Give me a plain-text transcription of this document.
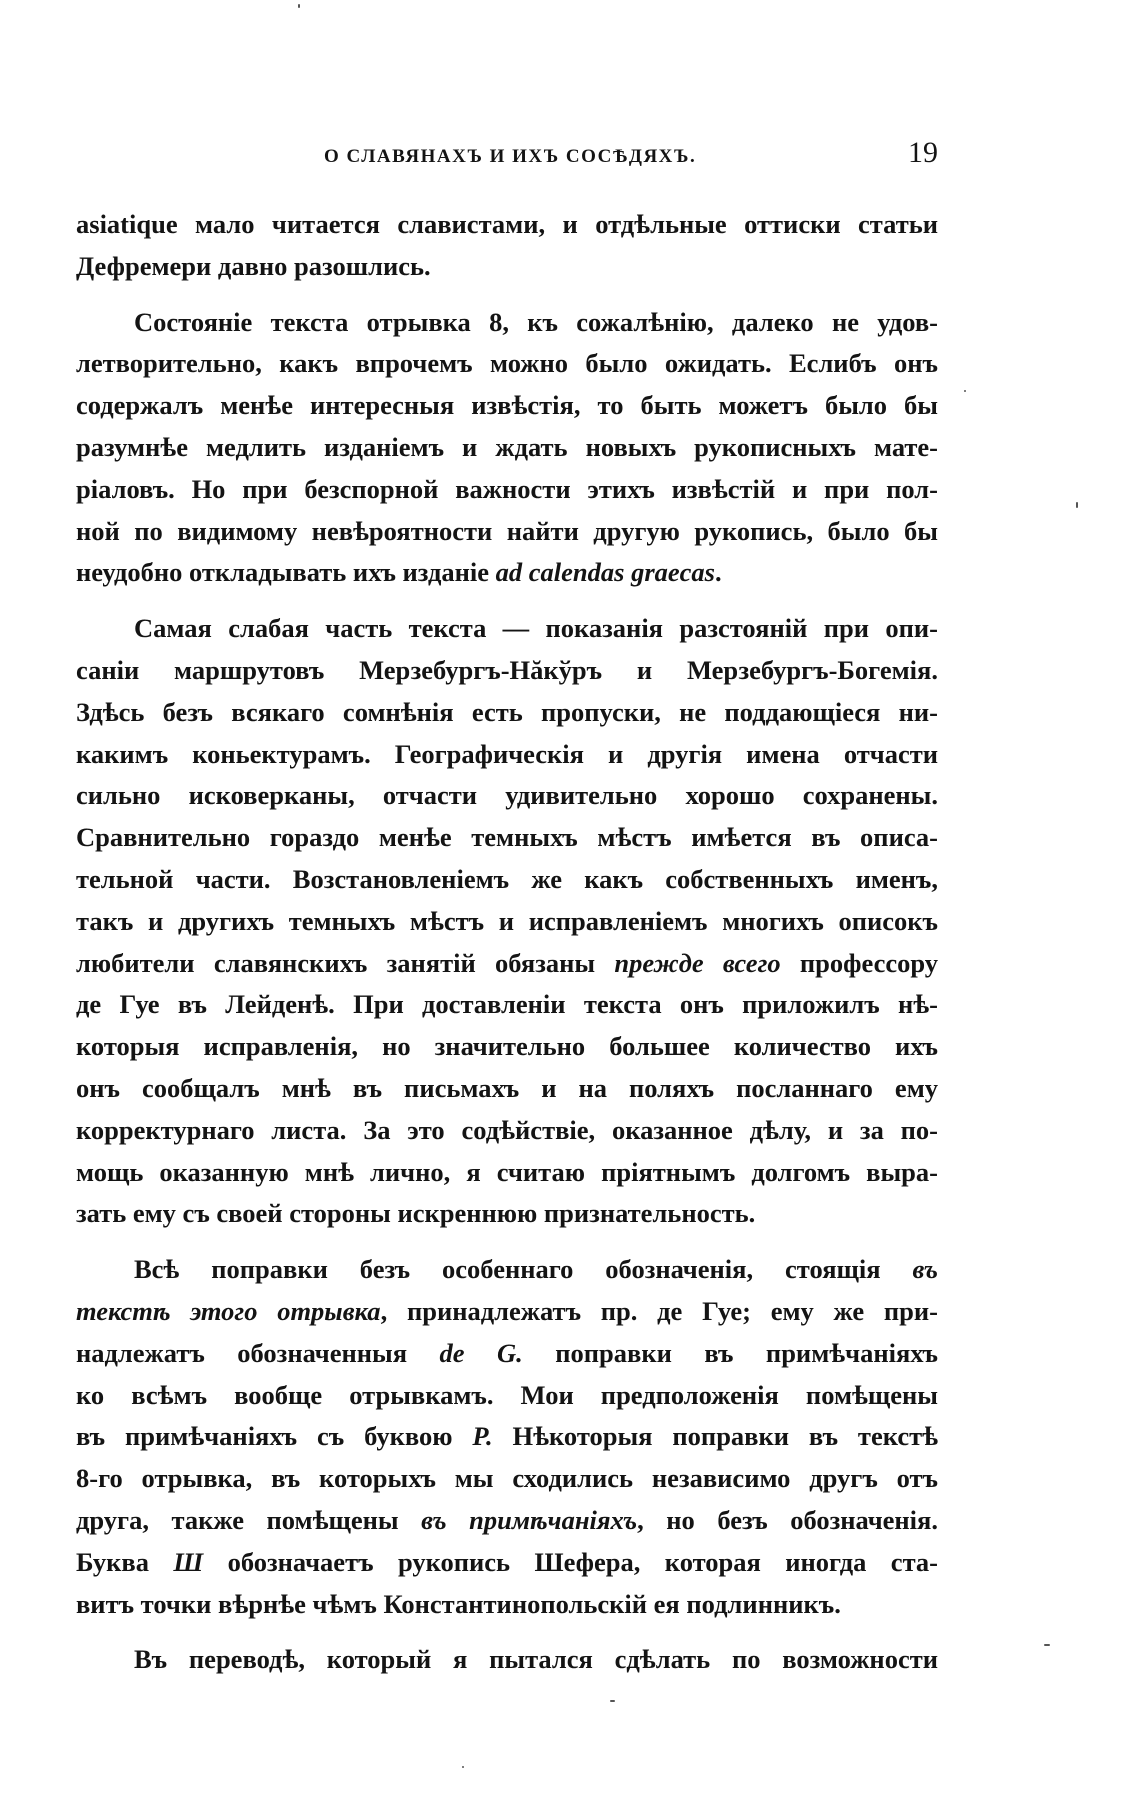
О СЛАВЯНАХЪ И ИХЪ СОСѢДЯХЪ.	19

asiatique мало читается славистами, и отдѣльные оттиски статьи

Дефремери давно разошлись.

Состояніе текста отрывка 8, къ сожалѣнію, далеко не удов-

летворительно, какъ впрочемъ можно было ожидать. Еслибъ онъ

содержалъ менѣе интересныя извѣстія, то быть можетъ было бы

разумнѣе медлить изданіемъ и ждать новыхъ рукописныхъ мате-

ріаловъ. Но при безспорной важности этихъ извѣстій и при пол-

ной по видимому невѣроятности найти другую рукопись, было бы

неудобно откладывать ихъ изданіе ad calendas graecas.

Самая слабая часть текста — показанія разстояній при опи-

саніи маршрутовъ Мерзебургъ-Нăкўръ и Мерзебургъ-Богемія.

Здѣсь безъ всякаго сомнѣнія есть пропуски, не поддающіеся ни-

какимъ коньектурамъ. Географическія и другія имена отчасти

сильно исковерканы, отчасти удивительно хорошо сохранены.

Сравнительно гораздо менѣе темныхъ мѣстъ имѣется въ описа-

тельной части. Возстановленіемъ же какъ собственныхъ именъ,

такъ и другихъ темныхъ мѣстъ и исправленіемъ многихъ описокъ

любители славянскихъ занятій обязаны прежде всего профессору

де Гуе въ Лейденѣ. При доставленіи текста онъ приложилъ нѣ-

которыя исправленія, но значительно большее количество ихъ

онъ сообщалъ мнѣ въ письмахъ и на поляхъ посланнаго ему

корректурнаго листа. За это содѣйствіе, оказанное дѣлу, и за по-

мощь оказанную мнѣ лично, я считаю пріятнымъ долгомъ выра-

зать ему съ своей стороны искреннюю признательность.

Всѣ поправки безъ особеннаго обозначенія, стоящія въ

текстѣ этого отрывка, принадлежатъ пр. де Гуе; ему же при-

надлежатъ обозначенныя de G. поправки въ примѣчаніяхъ

ко всѣмъ вообще отрывкамъ. Мои предположенія помѣщены

въ примѣчаніяхъ съ буквою Р. Нѣкоторыя поправки въ текстѣ

8-го отрывка, въ которыхъ мы сходились независимо другъ отъ

друга, также помѣщены въ примѣчаніяхъ, но безъ обозначенія.

Буква Ш обозначаетъ рукопись Шефера, которая иногда ста-

витъ точки вѣрнѣе чѣмъ Константинопольскій ея подлинникъ.

Въ переводѣ, который я пытался сдѣлать по возможности
